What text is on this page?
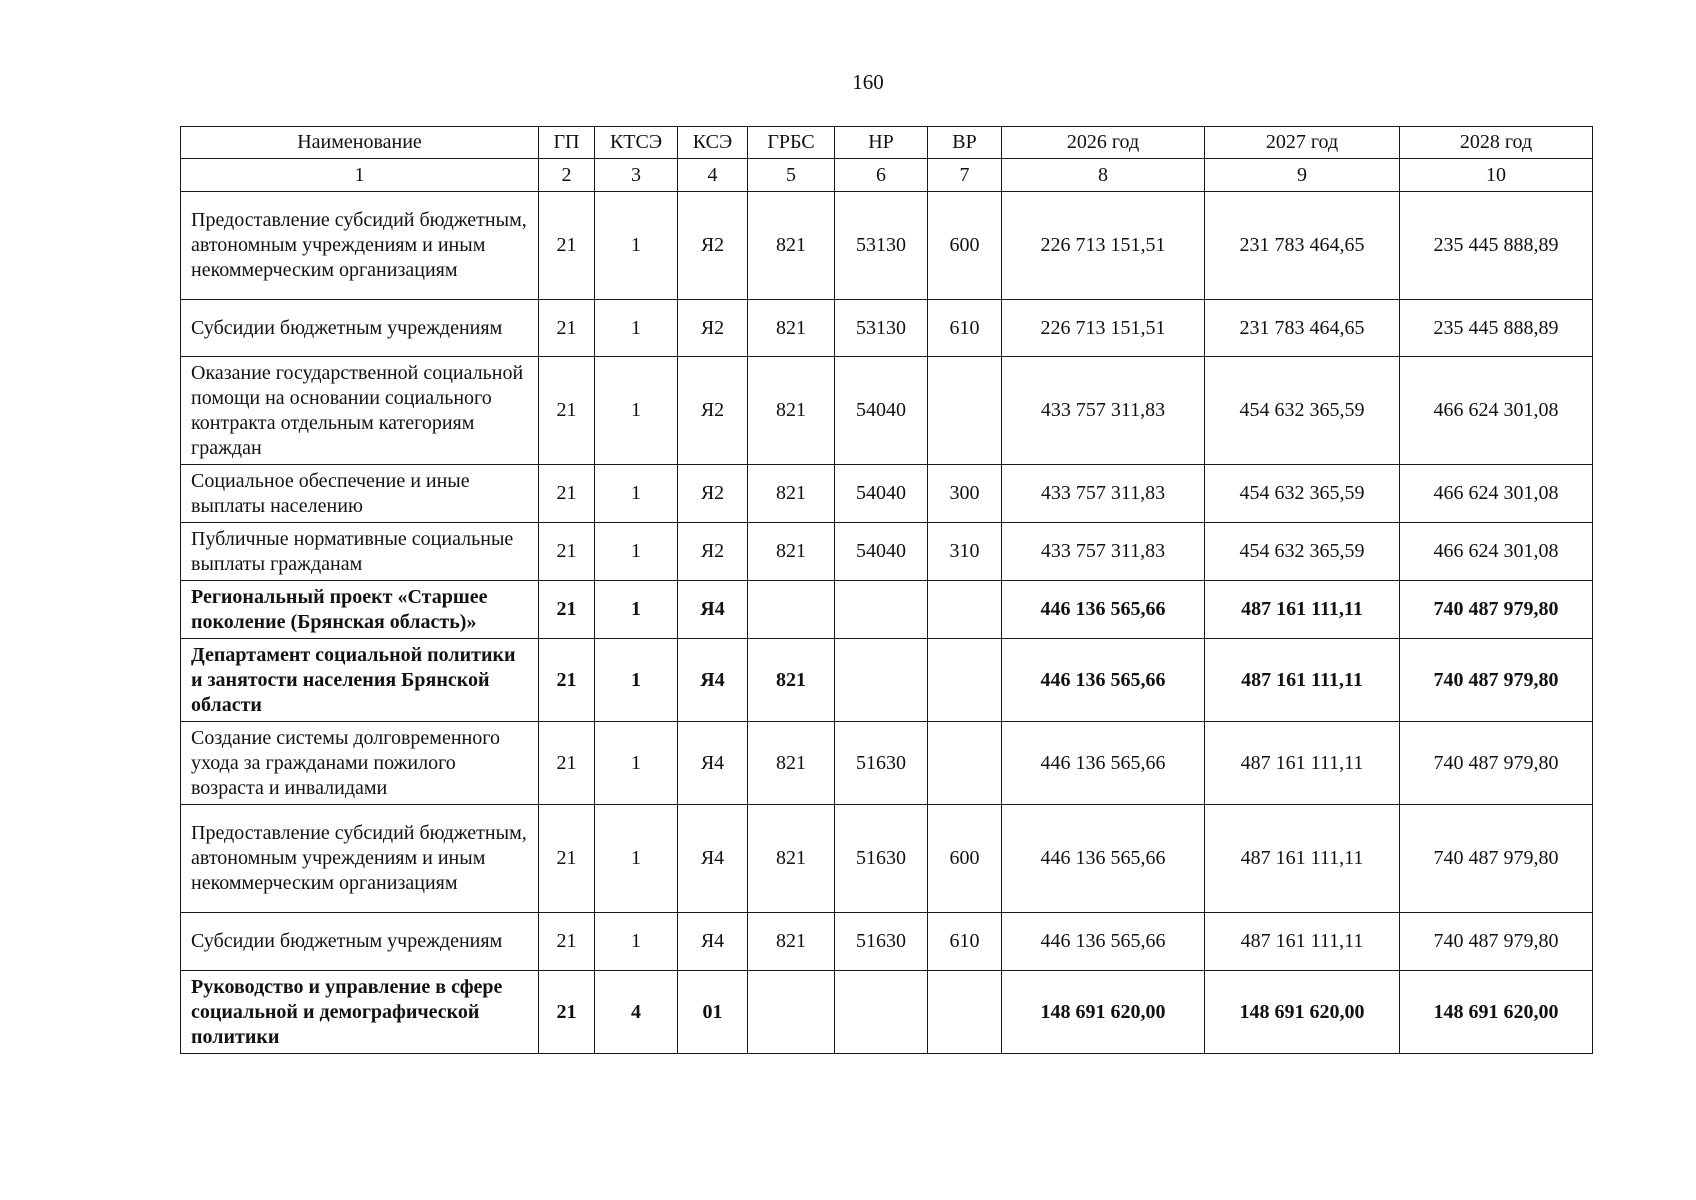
160
Наименование	ГП	КТСЭ	КСЭ	ГРБС	НР	ВР	2026 год	2027 год	2028 год
1	2	3	4	5	6	7	8	9	10
Предоставление субсидий бюджетным, автономным учреждениям и иным некоммерческим организациям	21	1	Я2	821	53130	600	226 713 151,51	231 783 464,65	235 445 888,89
Субсидии бюджетным учреждениям	21	1	Я2	821	53130	610	226 713 151,51	231 783 464,65	235 445 888,89
Оказание государственной социальной помощи на основании социального контракта отдельным категориям граждан	21	1	Я2	821	54040		433 757 311,83	454 632 365,59	466 624 301,08
Социальное обеспечение и иные выплаты населению	21	1	Я2	821	54040	300	433 757 311,83	454 632 365,59	466 624 301,08
Публичные нормативные социальные выплаты гражданам	21	1	Я2	821	54040	310	433 757 311,83	454 632 365,59	466 624 301,08
Региональный проект «Старшее поколение (Брянская область)»	21	1	Я4				446 136 565,66	487 161 111,11	740 487 979,80
Департамент социальной политики и занятости населения Брянской области	21	1	Я4	821			446 136 565,66	487 161 111,11	740 487 979,80
Создание системы долговременного ухода за гражданами пожилого возраста и инвалидами	21	1	Я4	821	51630		446 136 565,66	487 161 111,11	740 487 979,80
Предоставление субсидий бюджетным, автономным учреждениям и иным некоммерческим организациям	21	1	Я4	821	51630	600	446 136 565,66	487 161 111,11	740 487 979,80
Субсидии бюджетным учреждениям	21	1	Я4	821	51630	610	446 136 565,66	487 161 111,11	740 487 979,80
Руководство и управление в сфере социальной и демографической политики	21	4	01				148 691 620,00	148 691 620,00	148 691 620,00
